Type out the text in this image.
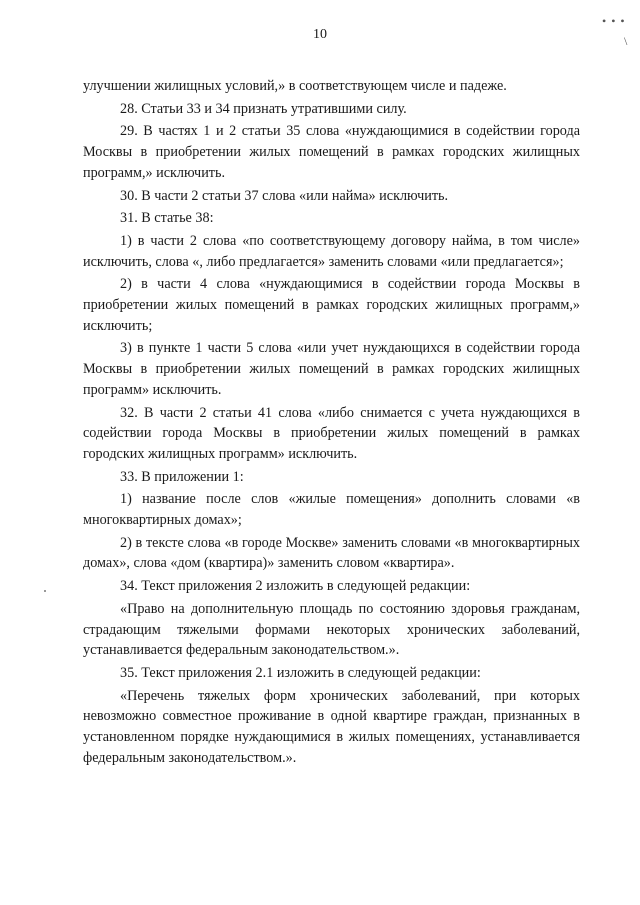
• • •
\
10

улучшении жилищных условий,» в соответствующем числе и падеже.

28. Статьи 33 и 34 признать утратившими силу.

29. В частях 1 и 2 статьи 35 слова «нуждающимися в содействии города Москвы в приобретении жилых помещений в рамках городских жилищных программ,» исключить.

30. В части 2 статьи 37 слова «или найма» исключить.

31. В статье 38:

1) в части 2 слова «по соответствующему договору найма, в том числе» исключить, слова «, либо предлагается» заменить словами «или предлагается»;

2) в части 4 слова «нуждающимися в содействии города Москвы в приобретении жилых помещений в рамках городских жилищных программ,» исключить;

3) в пункте 1 части 5 слова «или учет нуждающихся в содействии города Москвы в приобретении жилых помещений в рамках городских жилищных программ» исключить.

32. В части 2 статьи 41 слова «либо снимается с учета нуждающихся в содействии города Москвы в приобретении жилых помещений в рамках городских жилищных программ» исключить.

33. В приложении 1:

1) название после слов «жилые помещения» дополнить словами «в многоквартирных домах»;

2) в тексте слова «в городе Москве» заменить словами «в многоквартирных домах», слова «дом (квартира)» заменить словом «квартира».

34. Текст приложения 2 изложить в следующей редакции:

«Право на дополнительную площадь по состоянию здоровья гражданам, страдающим тяжелыми формами некоторых хронических заболеваний, устанавливается федеральным законодательством.».

35. Текст приложения 2.1 изложить в следующей редакции:

«Перечень тяжелых форм хронических заболеваний, при которых невозможно совместное проживание в одной квартире граждан, признанных в установленном порядке нуждающимися в жилых помещениях, устанавливается федеральным законодательством.».
